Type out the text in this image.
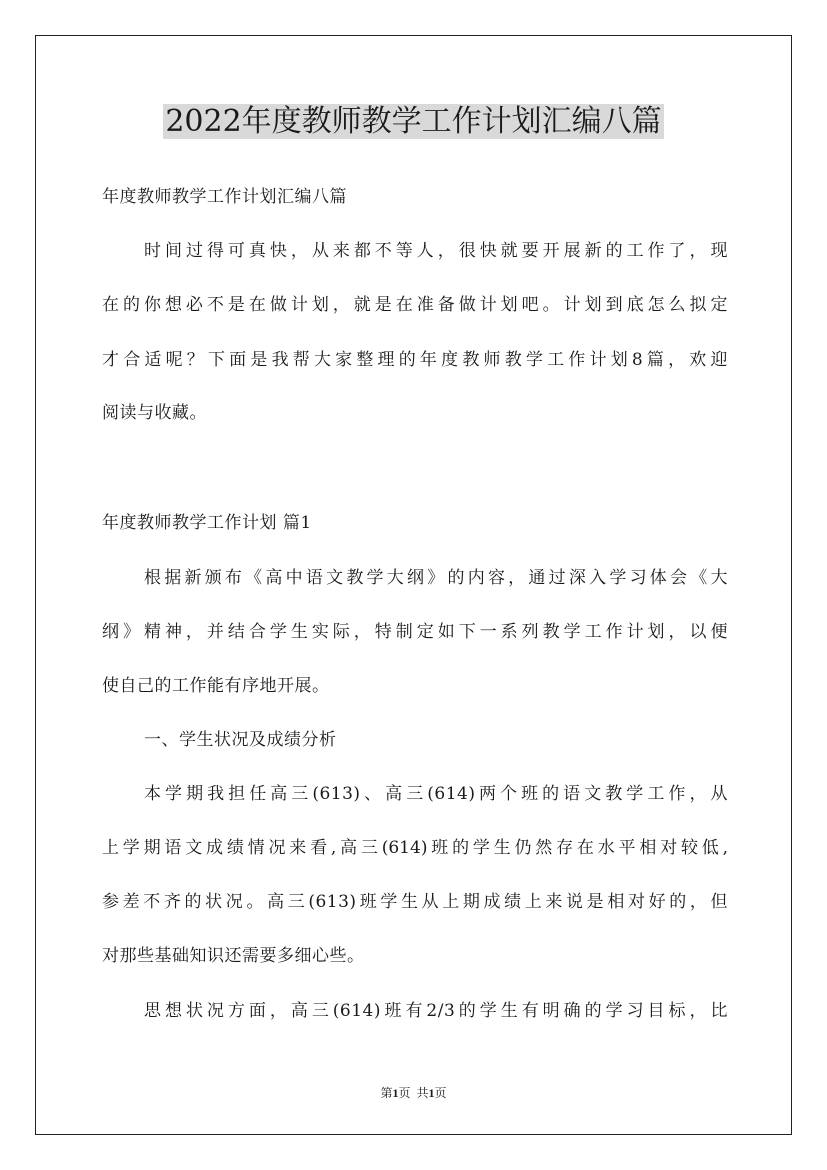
2022年度教师教学工作计划汇编八篇
年度教师教学工作计划汇编八篇
时间过得可真快，从来都不等人，很快就要开展新的工作了，现
在的你想必不是在做计划，就是在准备做计划吧。计划到底怎么拟定
才合适呢？下面是我帮大家整理的年度教师教学工作计划8篇，欢迎
阅读与收藏。
年度教师教学工作计划 篇1
根据新颁布《高中语文教学大纲》的内容，通过深入学习体会《大
纲》精神，并结合学生实际，特制定如下一系列教学工作计划，以便
使自己的工作能有序地开展。
一、学生状况及成绩分析
本学期我担任高三(613)、高三(614)两个班的语文教学工作，从
上学期语文成绩情况来看,高三(614)班的学生仍然存在水平相对较低,
参差不齐的状况。高三(613)班学生从上期成绩上来说是相对好的，但
对那些基础知识还需要多细心些。
思想状况方面，高三(614)班有2/3的学生有明确的学习目标，比
第1页  共1页
